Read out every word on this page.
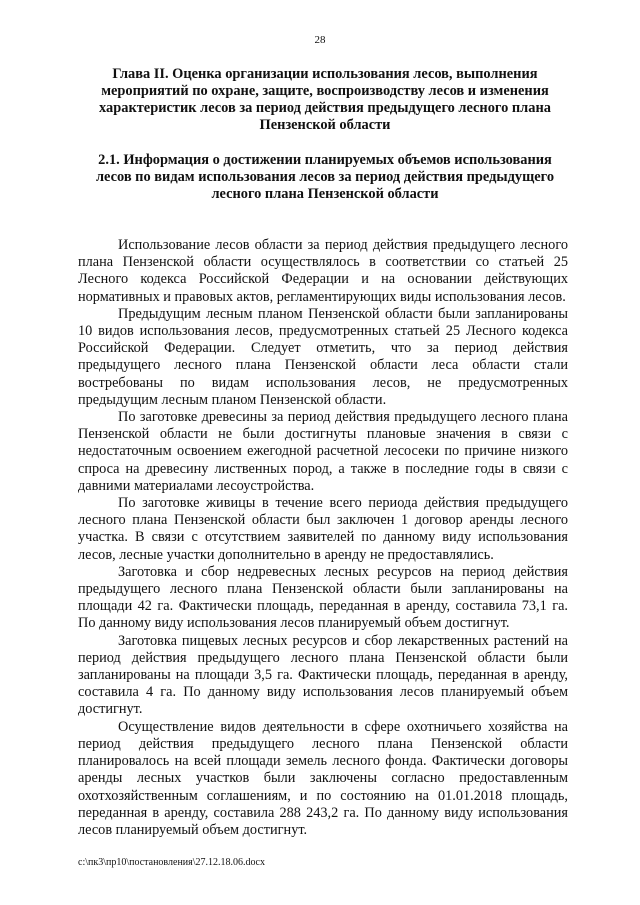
28
Глава II. Оценка организации использования лесов, выполнения мероприятий по охране, защите, воспроизводству лесов и изменения характеристик лесов за период действия предыдущего лесного плана Пензенской области
2.1. Информация о достижении планируемых объемов использования лесов по видам использования лесов за период действия предыдущего лесного плана Пензенской области

Использование лесов области за период действия предыдущего лесного плана Пензенской области осуществлялось в соответствии со статьей 25 Лесного кодекса Российской Федерации и на основании действующих нормативных и правовых актов, регламентирующих виды использования лесов.

Предыдущим лесным планом Пензенской области были запланированы 10 видов использования лесов, предусмотренных статьей 25 Лесного кодекса Российской Федерации. Следует отметить, что за период действия предыдущего лесного плана Пензенской области леса области стали востребованы по видам использования лесов, не предусмотренных предыдущим лесным планом Пензенской области.

По заготовке древесины за период действия предыдущего лесного плана Пензенской области не были достигнуты плановые значения в связи с недостаточным освоением ежегодной расчетной лесосеки по причине низкого спроса на древесину лиственных пород, а также в последние годы в связи с давними материалами лесоустройства.

По заготовке живицы в течение всего периода действия предыдущего лесного плана Пензенской области был заключен 1 договор аренды лесного участка. В связи с отсутствием заявителей по данному виду использования лесов, лесные участки дополнительно в аренду не предоставлялись.

Заготовка и сбор недревесных лесных ресурсов на период действия предыдущего лесного плана Пензенской области были запланированы на площади 42 га. Фактически площадь, переданная в аренду, составила 73,1 га. По данному виду использования лесов планируемый объем достигнут.

Заготовка пищевых лесных ресурсов и сбор лекарственных растений на период действия предыдущего лесного плана Пензенской области были запланированы на площади 3,5 га. Фактически площадь, переданная в аренду, составила 4 га. По данному виду использования лесов планируемый объем достигнут.

Осуществление видов деятельности в сфере охотничьего хозяйства на период действия предыдущего лесного плана Пензенской области планировалось на всей площади земель лесного фонда. Фактически договоры аренды лесных участков были заключены согласно предоставленным охотхозяйственным соглашениям, и по состоянию на 01.01.2018 площадь, переданная в аренду, составила 288 243,2 га. По данному виду использования лесов планируемый объем достигнут.

c:\пк3\пр10\постановления\27.12.18.06.docx
